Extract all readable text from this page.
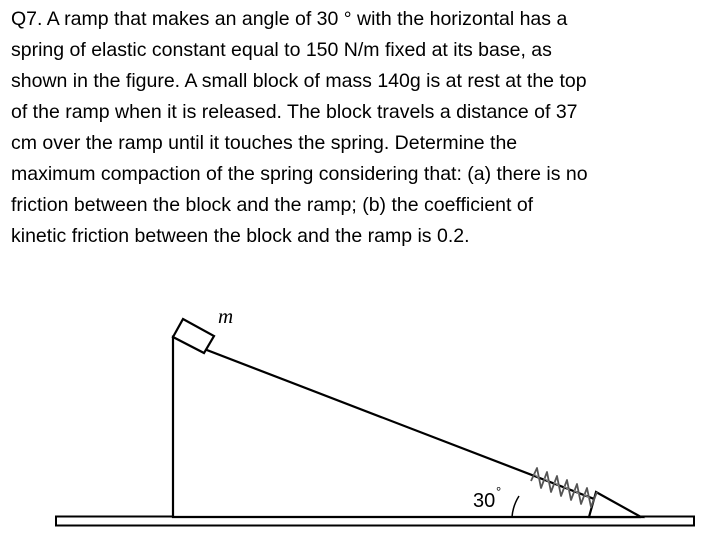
Q7. A ramp that makes an angle of 30 ° with the horizontal has a
spring of elastic constant equal to 150 N/m fixed at its base, as
shown in the figure. A small block of mass 140g is at rest at the top
of the ramp when it is released. The block travels a distance of 37
cm over the ramp until it touches the spring. Determine the
maximum compaction of the spring considering that: (a) there is no
friction between the block and the ramp; (b) the coefficient of
kinetic friction between the block and the ramp is 0.2.
m
30 °
